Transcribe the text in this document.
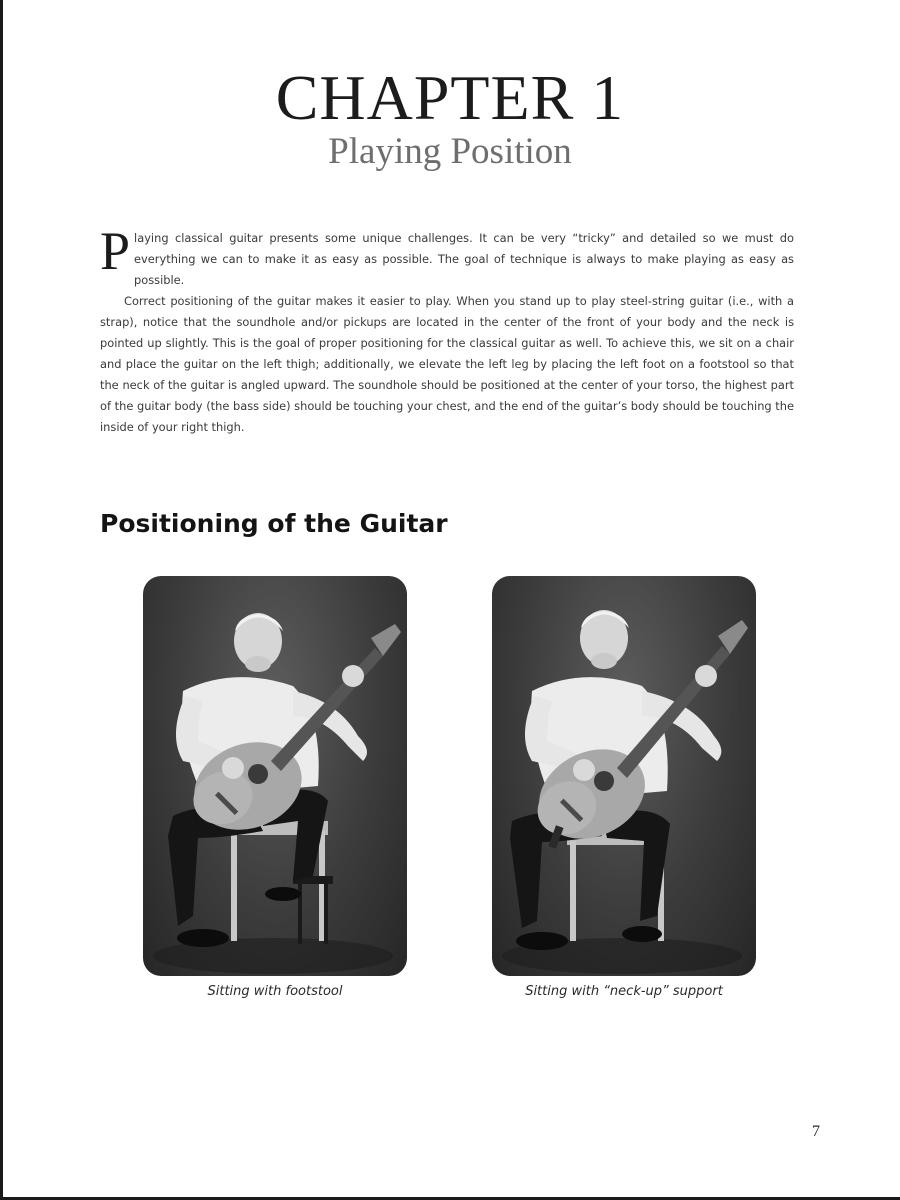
CHAPTER 1
Playing Position

Playing classical guitar presents some unique challenges. It can be very “tricky” and detailed so we must do everything we can to make it as easy as possible. The goal of technique is always to make playing as easy as possible.

Correct positioning of the guitar makes it easier to play. When you stand up to play steel-string guitar (i.e., with a strap), notice that the soundhole and/or pickups are located in the center of the front of your body and the neck is pointed up slightly. This is the goal of proper positioning for the classical guitar as well. To achieve this, we sit on a chair and place the guitar on the left thigh; additionally, we elevate the left leg by placing the left foot on a footstool so that the neck of the guitar is angled upward. The soundhole should be positioned at the center of your torso, the highest part of the guitar body (the bass side) should be touching your chest, and the end of the guitar’s body should be touching the inside of your right thigh.

Positioning of the Guitar
Sitting with footstool	Sitting with “neck-up” support
7
